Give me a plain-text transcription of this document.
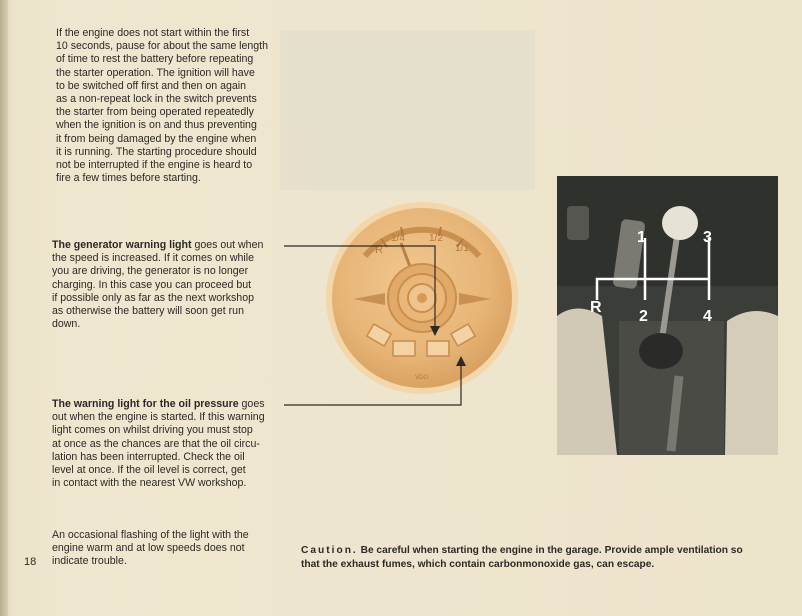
If the engine does not start within the first
10 seconds, pause for about the same length
of time to rest the battery before repeating
the starter operation. The ignition will have
to be switched off first and then on again
as a non-repeat lock in the switch prevents
the starter from being operated repeatedly
when the ignition is on and thus preventing
it from being damaged by the engine when
it is running. The starting procedure should
not be interrupted if the engine is heard to
fire a few times before starting.

The generator warning light goes out when
the speed is increased. If it comes on while
you are driving, the generator is no longer
charging. In this case you can proceed but
if possible only as far as the next workshop
as otherwise the battery will soon get run
down.

The warning light for the oil pressure goes
out when the engine is started. If this warning
light comes on whilst driving you must stop
at once as the chances are that the oil circu-
lation has been interrupted. Check the oil
level at once. If the oil level is correct, get
in contact with the nearest VW workshop.

An occasional flashing of the light with the
engine warm and at low speeds does not
indicate trouble.

18
Caution. Be careful when starting the engine in the garage. Provide ample ventilation so
that the exhaust fumes, which contain carbonmonoxide gas, can escape.
R
1/4 1/2
1/1
VDO
1	3
R
2	4
